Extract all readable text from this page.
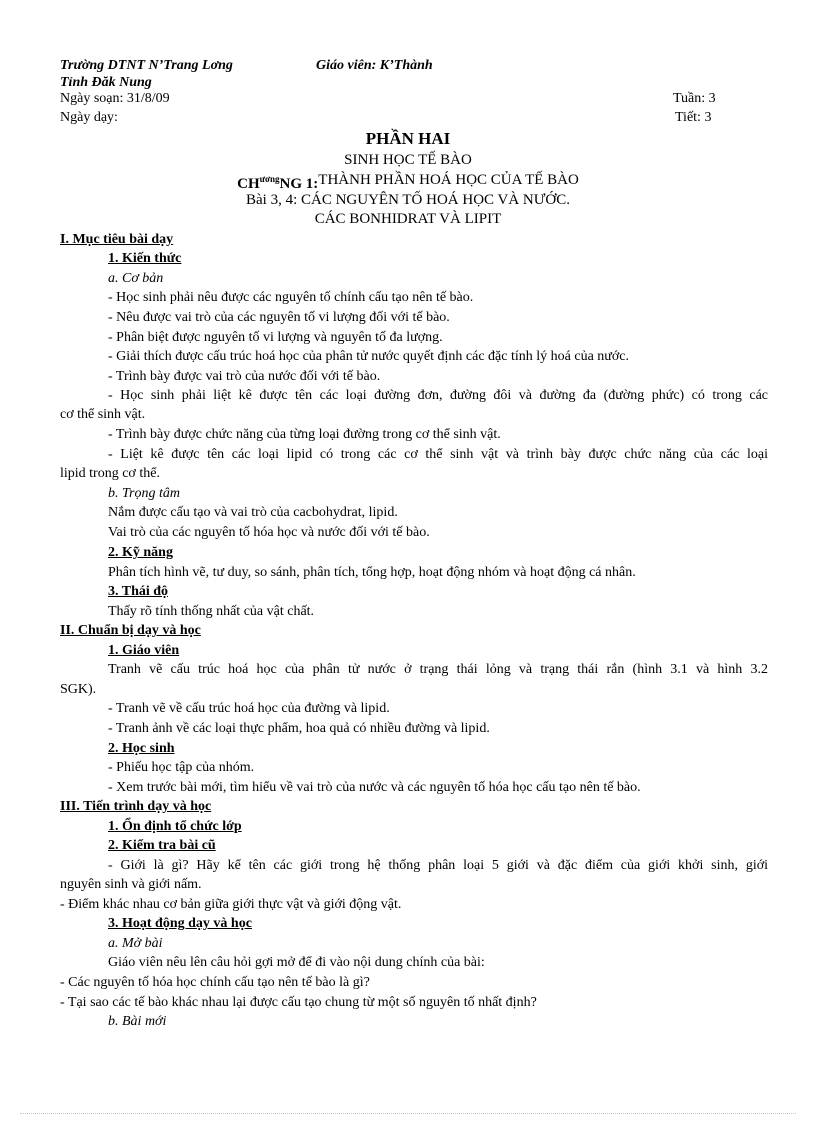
Trường DTNT N’Trang Lơng	Giáo viên: K’Thành
Tỉnh Đăk Nung
Ngày soạn: 31/8/09	Tuần: 3
Ngày dạy:	Tiết: 3
PHẦN HAI
SINH HỌC TẾ BÀO
$CH^{ương}NG$ 1:THÀNH PHẦN HOÁ HỌC CỦA TẾ BÀO
Bài 3, 4: CÁC NGUYÊN TỐ HOÁ HỌC VÀ NƯỚC.
CÁC BONHIDRAT VÀ LIPIT
I. Mục tiêu bài dạy
1. Kiến thức
a. Cơ bản
- Học sinh phải nêu được các nguyên tố chính cấu tạo nên tế bào.
- Nêu được vai trò của các nguyên tố vi lượng đối với tế bào.
- Phân biệt được nguyên tố vi lượng và nguyên tố đa lượng.
- Giải thích được cấu trúc hoá học của phân tử nước quyết định các đặc tính lý hoá của nước.
- Trình bày được vai trò của nước đối với tế bào.
- Học sinh phải liệt kê được tên các loại đường đơn, đường đôi và đường đa (đường phức) có trong các
cơ thể sinh vật.
- Trình bày được chức năng của từng loại đường trong cơ thể sinh vật.
- Liệt kê được tên các loại lipid có trong các cơ thể sinh vật và trình bày được chức năng của các loại
lipid trong cơ thể.
b. Trọng tâm
Nắm được cấu tạo và vai trò của cacbohydrat, lipid.
Vai trò của các nguyên tố hóa học và nước đối với tế bào.
2. Kỹ năng
Phân tích hình vẽ, tư duy, so sánh, phân tích, tổng hợp, hoạt động nhóm và hoạt động cá nhân.
3. Thái độ
Thấy rõ tính thống nhất của vật chất.
II. Chuẩn bị dạy và học
1. Giáo viên
Tranh vẽ cấu trúc hoá học của phân tử nước ở trạng thái lỏng và trạng thái rắn (hình 3.1 và hình 3.2
SGK).
- Tranh vẽ về cấu trúc hoá học của đường và lipid.
- Tranh ảnh về các loại thực phẩm, hoa quả có nhiều đường và lipid.
2. Học sinh
- Phiếu học tập của nhóm.
- Xem trước bài mới, tìm hiểu về vai trò của nước và các nguyên tố hóa học cấu tạo nên tế bào.
III. Tiến trình dạy và học
1. Ổn định tổ chức lớp
2. Kiểm tra bài cũ
- Giới là gì? Hãy kể tên các giới trong hệ thống phân loại 5 giới và đặc điểm của giới khởi sinh, giới
nguyên sinh và giới nấm.
- Điểm khác nhau cơ bản giữa giới thực vật và giới động vật.
3. Hoạt động dạy và học
a. Mở bài
Giáo viên nêu lên câu hỏi gợi mở để đi vào nội dung chính của bài:
- Các nguyên tố hóa học chính cấu tạo nên tế bào là gì?
- Tại sao các tế bào khác nhau lại được cấu tạo chung từ một số nguyên tố nhất định?
b. Bài mới
